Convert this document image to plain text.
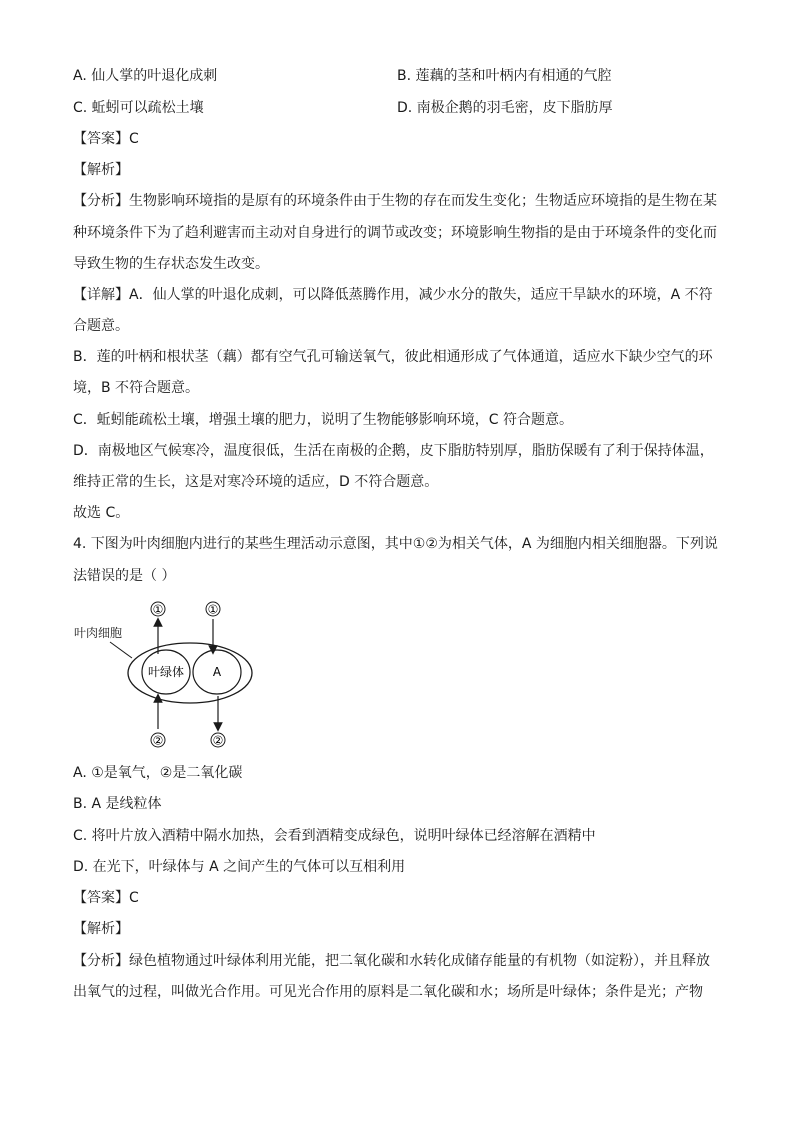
A. 仙人掌的叶退化成刺	B. 莲藕的茎和叶柄内有相通的气腔
C. 蚯蚓可以疏松土壤	D. 南极企鹅的羽毛密，皮下脂肪厚
【答案】C
【解析】
【分析】生物影响环境指的是原有的环境条件由于生物的存在而发生变化；生物适应环境指的是生物在某
种环境条件下为了趋利避害而主动对自身进行的调节或改变；环境影响生物指的是由于环境条件的变化而
导致生物的生存状态发生改变。
【详解】A．仙人掌的叶退化成刺，可以降低蒸腾作用，减少水分的散失，适应干旱缺水的环境，A 不符
合题意。
B．莲的叶柄和根状茎（藕）都有空气孔可输送氧气，彼此相通形成了气体通道，适应水下缺少空气的环
境，B 不符合题意。
C．蚯蚓能疏松土壤，增强土壤的肥力，说明了生物能够影响环境，C 符合题意。
D．南极地区气候寒冷，温度很低，生活在南极的企鹅，皮下脂肪特别厚，脂肪保暖有了利于保持体温，
维持正常的生长，这是对寒冷环境的适应，D 不符合题意。
故选 C。
4. 下图为叶肉细胞内进行的某些生理活动示意图，其中①②为相关气体，A 为细胞内相关细胞器。下列说
法错误的是（ ）
①	①
叶肉细胞
叶绿体 A
②	②
A. ①是氧气，②是二氧化碳
B. A 是线粒体
C. 将叶片放入酒精中隔水加热，会看到酒精变成绿色，说明叶绿体已经溶解在酒精中
D. 在光下，叶绿体与 A 之间产生的气体可以互相利用
【答案】C
【解析】
【分析】绿色植物通过叶绿体利用光能，把二氧化碳和水转化成储存能量的有机物（如淀粉），并且释放
出氧气的过程，叫做光合作用。可见光合作用的原料是二氧化碳和水；场所是叶绿体；条件是光；产物
